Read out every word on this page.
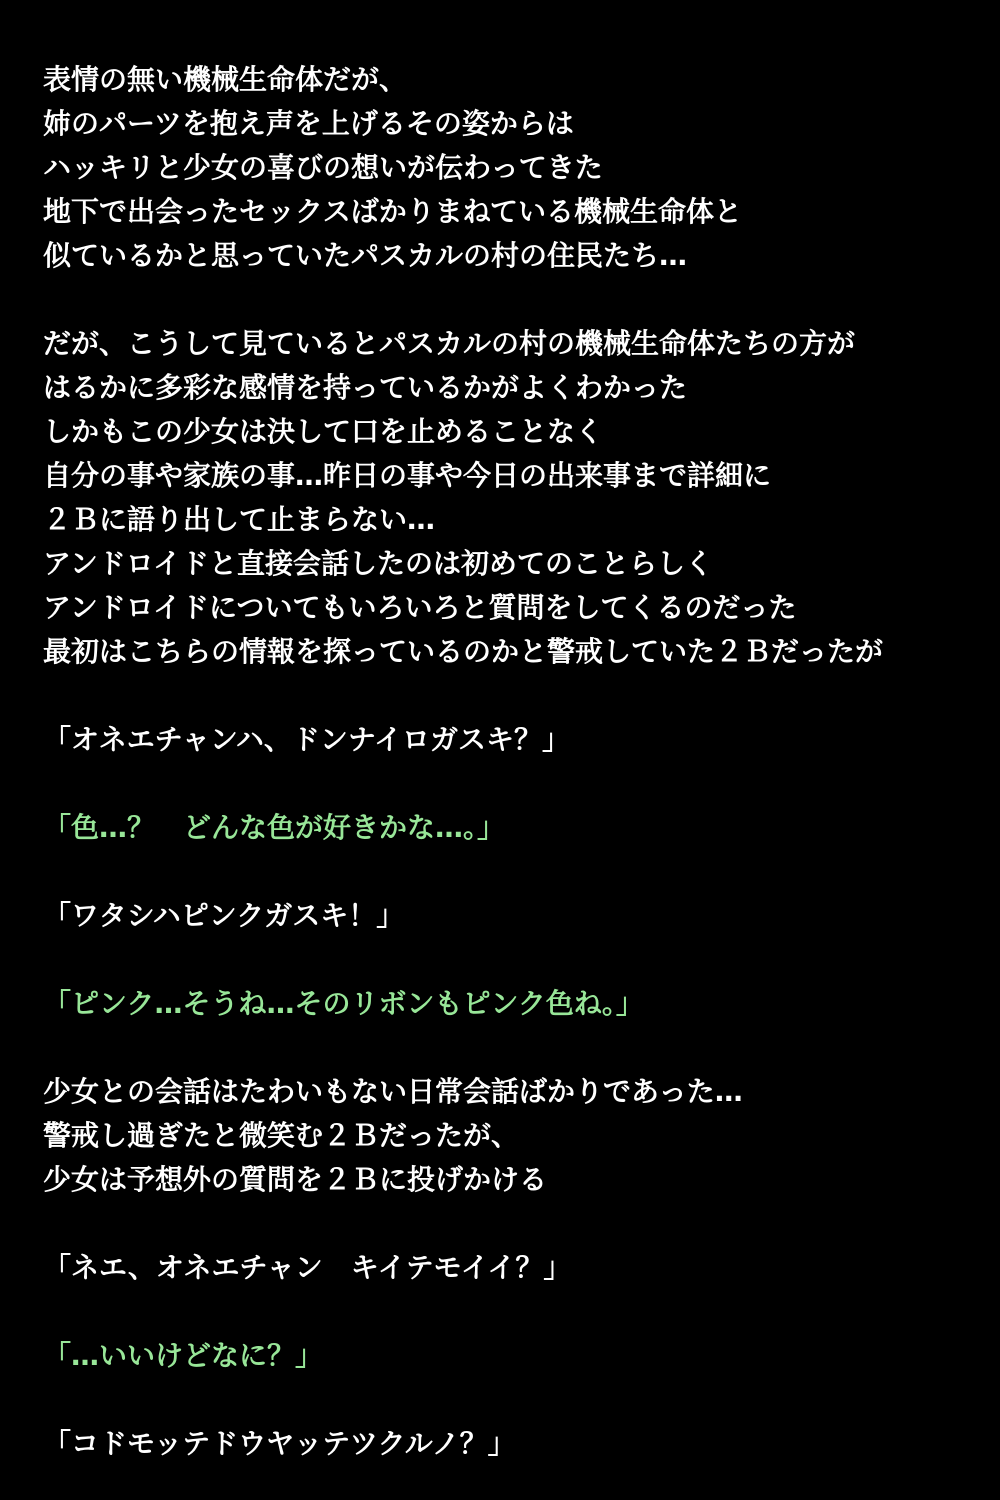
表情の無い機械生命体だが、
姉のパーツを抱え声を上げるその姿からは
ハッキリと少女の喜びの想いが伝わってきた
地下で出会ったセックスばかりまねている機械生命体と
似ているかと思っていたパスカルの村の住民たち…

だが、こうして見ているとパスカルの村の機械生命体たちの方が
はるかに多彩な感情を持っているかがよくわかった
しかもこの少女は決して口を止めることなく
自分の事や家族の事…昨日の事や今日の出来事まで詳細に
２Ｂに語り出して止まらない…
アンドロイドと直接会話したのは初めてのことらしく
アンドロイドについてもいろいろと質問をしてくるのだった
最初はこちらの情報を探っているのかと警戒していた２Ｂだったが

「オネエチャンハ、ドンナイロガスキ？」

「色…？　どんな色が好きかな…。」

「ワタシハピンクガスキ！」

「ピンク…そうね…そのリボンもピンク色ね。」

少女との会話はたわいもない日常会話ばかりであった…
警戒し過ぎたと微笑む２Ｂだったが、
少女は予想外の質問を２Ｂに投げかける

「ネエ、オネエチャン　キイテモイイ？」

「…いいけどなに？」

「コドモッテドウヤッテツクルノ？」
